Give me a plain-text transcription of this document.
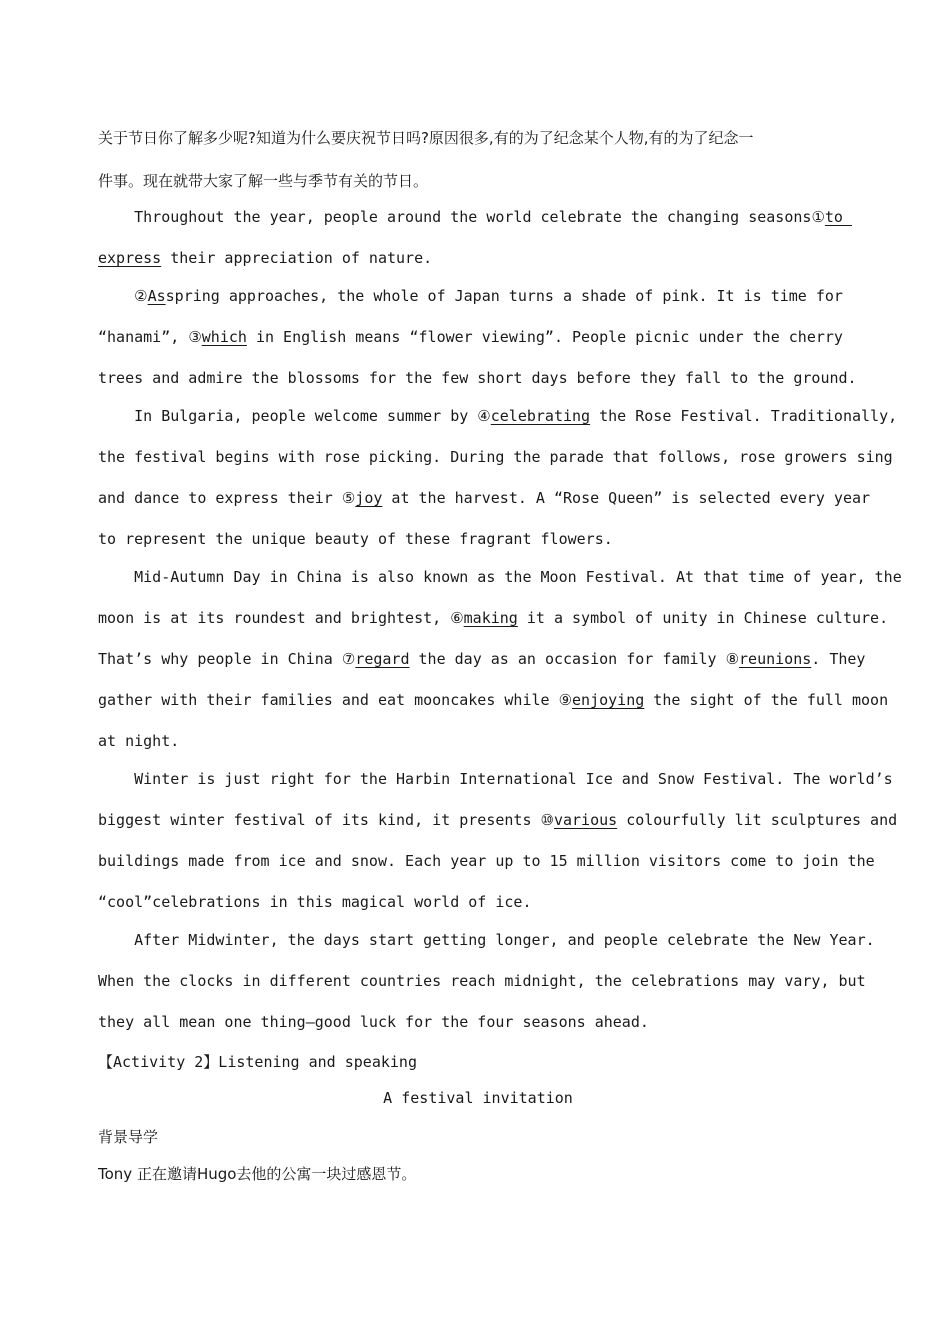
关于节日你了解多少呢?知道为什么要庆祝节日吗?原因很多,有的为了纪念某个人物,有的为了纪念一
件事。现在就带大家了解一些与季节有关的节日。
Throughout the year, people around the world celebrate the changing seasons①to
express their appreciation of nature.
②Asspring approaches, the whole of Japan turns a shade of pink. It is time for
“hanami”, ③which in English means “flower viewing”. People picnic under the cherry
trees and admire the blossoms for the few short days before they fall to the ground.
In Bulgaria, people welcome summer by ④celebrating the Rose Festival. Traditionally,
the festival begins with rose picking. During the parade that follows, rose growers sing
and dance to express their ⑤joy at the harvest. A “Rose Queen” is selected every year
to represent the unique beauty of these fragrant flowers.
Mid-Autumn Day in China is also known as the Moon Festival. At that time of year, the
moon is at its roundest and brightest, ⑥making it a symbol of unity in Chinese culture.
That’s why people in China ⑦regard the day as an occasion for family ⑧reunions. They
gather with their families and eat mooncakes while ⑨enjoying the sight of the full moon
at night.
Winter is just right for the Harbin International Ice and Snow Festival. The world’s
biggest winter festival of its kind, it presents ⑩various colourfully lit sculptures and
buildings made from ice and snow. Each year up to 15 million visitors come to join the
“cool”celebrations in this magical world of ice.
After Midwinter, the days start getting longer, and people celebrate the New Year.
When the clocks in different countries reach midnight, the celebrations may vary, but
they all mean one thing—good luck for the four seasons ahead.
【Activity 2】Listening and speaking
A festival invitation
背景导学
Tony 正在邀请Hugo去他的公寓一块过感恩节。
